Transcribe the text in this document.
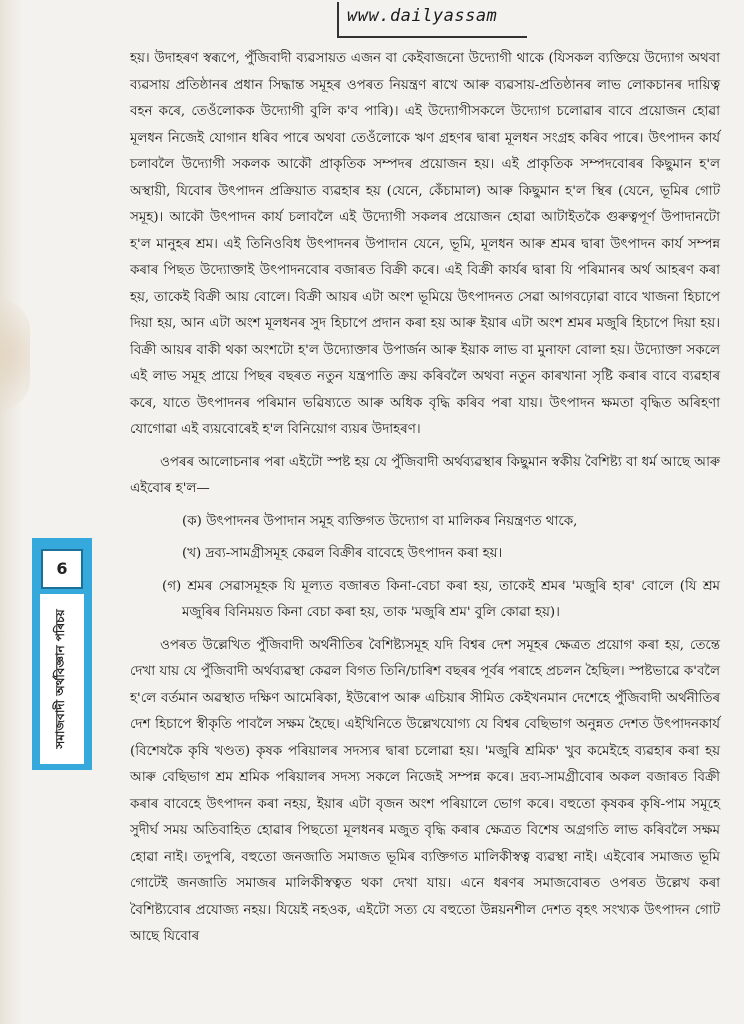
www.dailyassam
6
সমাজবাদী অৰ্থবিজ্ঞান পৰিচয়

হয়। উদাহৰণ স্বৰূপে, পুঁজিবাদী ব্যৱসায়ত এজন বা কেইবাজনো উদ্যোগী থাকে (যিসকল ব্যক্তিয়ে উদ্যোগ অথবা ব্যৱসায় প্ৰতিষ্ঠানৰ প্ৰধান সিদ্ধান্ত সমূহৰ ওপৰত নিয়ন্ত্ৰণ ৰাখে আৰু ব্যৱসায়-প্ৰতিষ্ঠানৰ লাভ লোকচানৰ দায়িত্ব বহন কৰে, তেওঁলোকক উদ্যোগী বুলি ক'ব পাৰি)। এই উদ্যোগীসকলে উদ্যোগ চলোৱাৰ বাবে প্ৰয়োজন হোৱা মূলধন নিজেই যোগান ধৰিব পাৰে অথবা তেওঁলোকে ঋণ গ্ৰহণৰ দ্বাৰা মূলধন সংগ্ৰহ কৰিব পাৰে। উৎপাদন কাৰ্য চলাবলৈ উদ্যোগী সকলক আকৌ প্ৰাকৃতিক সম্পদৰ প্ৰয়োজন হয়। এই প্ৰাকৃতিক সম্পদবোৰৰ কিছুমান হ'ল অস্থায়ী, যিবোৰ উৎপাদন প্ৰক্ৰিয়াত ব্যৱহাৰ হয় (যেনে, কেঁচামাল) আৰু কিছুমান হ'ল স্থিৰ (যেনে, ভূমিৰ গোট সমূহ)। আকৌ উৎপাদন কাৰ্য চলাবলৈ এই উদ্যোগী সকলৰ প্ৰয়োজন হোৱা আটাইতকৈ গুৰুত্বপূৰ্ণ উপাদানটো হ'ল মানুহৰ শ্ৰম। এই তিনিওবিধ উৎপাদনৰ উপাদান যেনে, ভূমি, মূলধন আৰু শ্ৰমৰ দ্বাৰা উৎপাদন কাৰ্য সম্পন্ন কৰাৰ পিছত উদ্যোক্তাই উৎপাদনবোৰ বজাৰত বিক্ৰী কৰে। এই বিক্ৰী কাৰ্যৰ দ্বাৰা যি পৰিমানৰ অৰ্থ আহৰণ কৰা হয়, তাকেই বিক্ৰী আয় বোলে। বিক্ৰী আয়ৰ এটা অংশ ভূমিয়ে উৎপাদনত সেৱা আগবঢ়োৱা বাবে খাজনা হিচাপে দিয়া হয়, আন এটা অংশ মূলধনৰ সুদ হিচাপে প্ৰদান কৰা হয় আৰু ইয়াৰ এটা অংশ শ্ৰমৰ মজুৰি হিচাপে দিয়া হয়। বিক্ৰী আয়ৰ বাকী থকা অংশটো হ'ল উদ্যোক্তাৰ উপাৰ্জন আৰু ইয়াক লাভ বা মুনাফা বোলা হয়। উদ্যোক্তা সকলে এই লাভ সমূহ প্ৰায়ে পিছৰ বছৰত নতুন যন্ত্ৰপাতি ক্ৰয় কৰিবলৈ অথবা নতুন কাৰখানা সৃষ্টি কৰাৰ বাবে ব্যৱহাৰ কৰে, যাতে উৎপাদনৰ পৰিমান ভৱিষ্যতে আৰু অধিক বৃদ্ধি কৰিব পৰা যায়। উৎপাদন ক্ষমতা বৃদ্ধিত অৰিহণা যোগোৱা এই ব্যয়বোৰেই হ'ল বিনিয়োগ ব্যয়ৰ উদাহৰণ।

ওপৰৰ আলোচনাৰ পৰা এইটো স্পষ্ট হয় যে পুঁজিবাদী অৰ্থব্যৱস্থাৰ কিছুমান স্বকীয় বৈশিষ্ট্য বা ধৰ্ম আছে আৰু এইবোৰ হ'ল—

(ক) উৎপাদনৰ উপাদান সমূহ ব্যক্তিগত উদ্যোগ বা মালিকৰ নিয়ন্ত্ৰণত থাকে,

(খ) দ্ৰব্য-সামগ্ৰীসমূহ কেৱল বিক্ৰীৰ বাবেহে উৎপাদন কৰা হয়।

(গ) শ্ৰমৰ সেৱাসমূহক যি মূল্যত বজাৰত কিনা-বেচা কৰা হয়, তাকেই শ্ৰমৰ 'মজুৰি হাৰ' বোলে (যি শ্ৰম মজুৰিৰ বিনিময়ত কিনা বেচা কৰা হয়, তাক 'মজুৰি শ্ৰম' বুলি কোৱা হয়)।

ওপৰত উল্লেখিত পুঁজিবাদী অৰ্থনীতিৰ বৈশিষ্ট্যসমূহ যদি বিশ্বৰ দেশ সমূহৰ ক্ষেত্ৰত প্ৰয়োগ কৰা হয়, তেন্তে দেখা যায় যে পুঁজিবাদী অৰ্থব্যৱস্থা কেৱল বিগত তিনি/চাৰিশ বছৰৰ পূৰ্বৰ পৰাহে প্ৰচলন হৈছিল। স্পষ্টভাৱে ক'বলৈ হ'লে বৰ্তমান অৱস্থাত দক্ষিণ আমেৰিকা, ইউৰোপ আৰু এচিয়াৰ সীমিত কেইখনমান দেশেহে পুঁজিবাদী অৰ্থনীতিৰ দেশ হিচাপে স্বীকৃতি পাবলৈ সক্ষম হৈছে। এইখিনিতে উল্লেখযোগ্য যে বিশ্বৰ বেছিভাগ অনুন্নত দেশত উৎপাদনকাৰ্য (বিশেষকৈ কৃষি খণ্ডত) কৃষক পৰিয়ালৰ সদস্যৰ দ্বাৰা চলোৱা হয়। 'মজুৰি শ্ৰমিক' খুব কমেইহে ব্যৱহাৰ কৰা হয় আৰু বেছিভাগ শ্ৰম শ্ৰমিক পৰিয়ালৰ সদস্য সকলে নিজেই সম্পন্ন কৰে। দ্ৰব্য-সামগ্ৰীবোৰ অকল বজাৰত বিক্ৰী কৰাৰ বাবেহে উৎপাদন কৰা নহয়, ইয়াৰ এটা বৃজন অংশ পৰিয়ালে ভোগ কৰে। বহুতো কৃষকৰ কৃষি-পাম সমূহে সুদীৰ্ঘ সময় অতিবাহিত হোৱাৰ পিছতো মূলধনৰ মজুত বৃদ্ধি কৰাৰ ক্ষেত্ৰত বিশেষ অগ্ৰগতি লাভ কৰিবলৈ সক্ষম হোৱা নাই। তদুপৰি, বহুতো জনজাতি সমাজত ভূমিৰ ব্যক্তিগত মালিকীস্বত্ব ব্যৱস্থা নাই। এইবোৰ সমাজত ভূমি গোটেই জনজাতি সমাজৰ মালিকীস্বত্বত থকা দেখা যায়। এনে ধৰণৰ সমাজবোৰত ওপৰত উল্লেখ কৰা বৈশিষ্ট্যবোৰ প্ৰযোজ্য নহয়। যিয়েই নহওক, এইটো সত্য যে বহুতো উন্নয়নশীল দেশত বৃহৎ সংখ্যক উৎপাদন গোট আছে যিবোৰ
